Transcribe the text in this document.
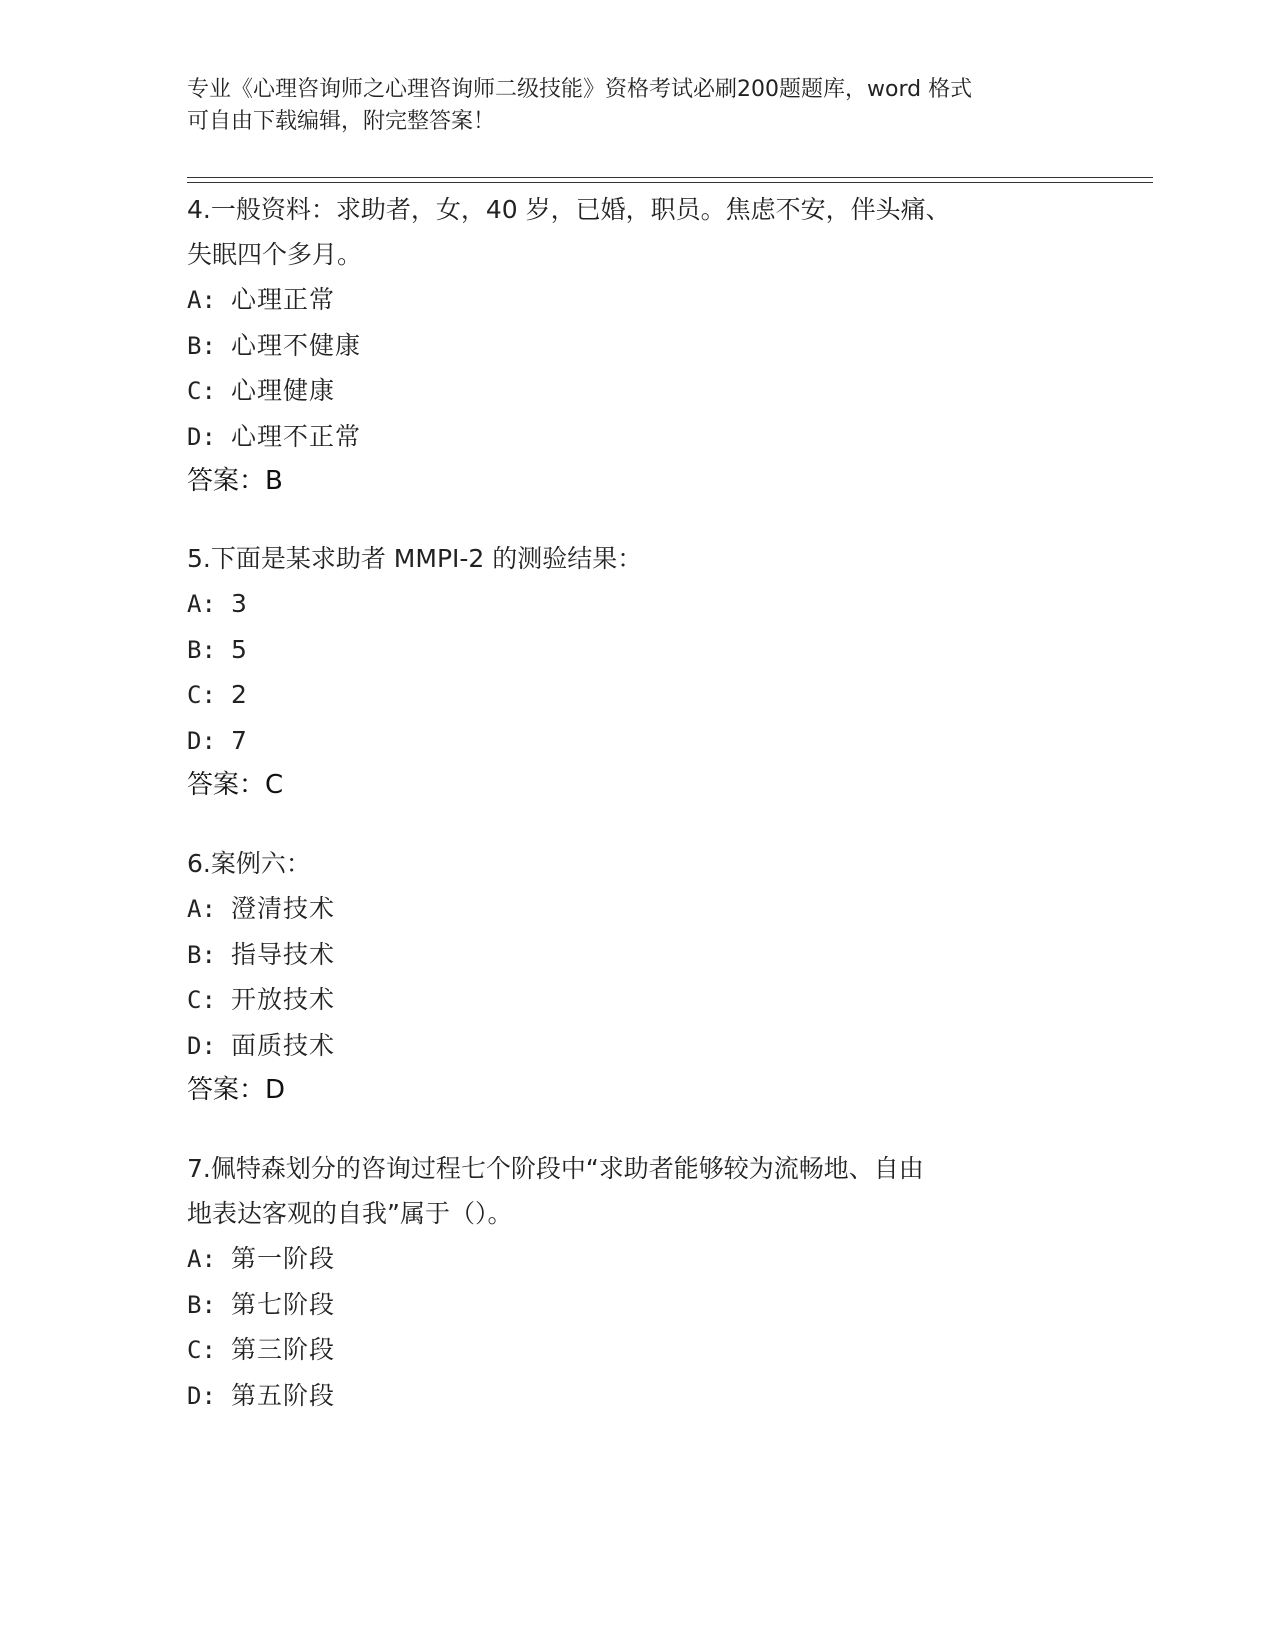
专业《心理咨询师之心理咨询师二级技能》资格考试必刷200题题库，word 格式
可自由下载编辑，附完整答案！
4.一般资料：求助者，女，40 岁，已婚，职员。焦虑不安，伴头痛、
失眠四个多月。
A: 心理正常
B: 心理不健康
C: 心理健康
D: 心理不正常
答案：B
5.下面是某求助者 MMPI-2 的测验结果：
A: 3
B: 5
C: 2
D: 7
答案：C
6.案例六：
A: 澄清技术
B: 指导技术
C: 开放技术
D: 面质技术
答案：D
7.佩特森划分的咨询过程七个阶段中“求助者能够较为流畅地、自由
地表达客观的自我”属于（）。
A: 第一阶段
B: 第七阶段
C: 第三阶段
D: 第五阶段
